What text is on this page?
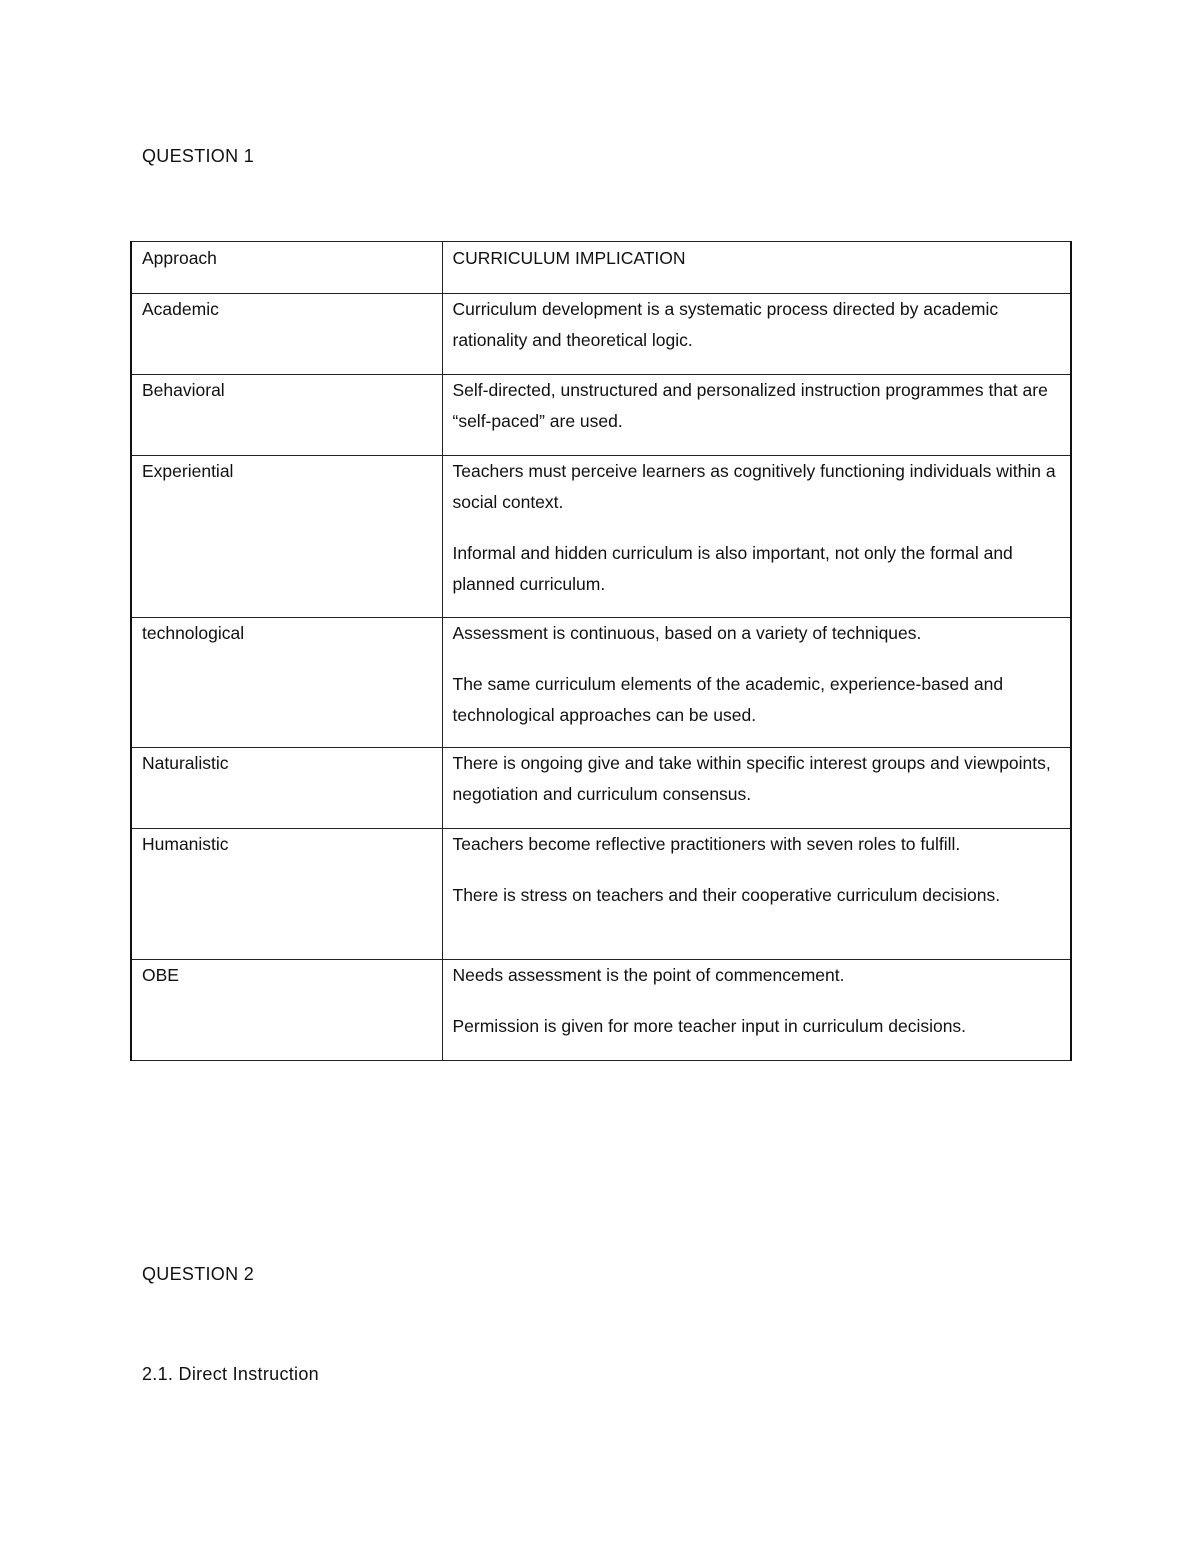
QUESTION 1
Approach	CURRICULUM IMPLICATION
Academic	Curriculum development is a systematic process directed by academic rationality and theoretical logic.

Behavioral	Self-directed, unstructured and personalized instruction programmes that are “self-paced” are used.

Experiential	Teachers must perceive learners as cognitively functioning individuals within a social context.

Informal and hidden curriculum is also important, not only the formal and planned curriculum.

technological	Assessment is continuous, based on a variety of techniques.

The same curriculum elements of the academic, experience-based and technological approaches can be used.

Naturalistic	There is ongoing give and take within specific interest groups and viewpoints, negotiation and curriculum consensus.

Humanistic	Teachers become reflective practitioners with seven roles to fulfill.

There is stress on teachers and their cooperative curriculum decisions.

OBE	Needs assessment is the point of commencement.

Permission is given for more teacher input in curriculum decisions.

QUESTION 2
2.1. Direct Instruction
